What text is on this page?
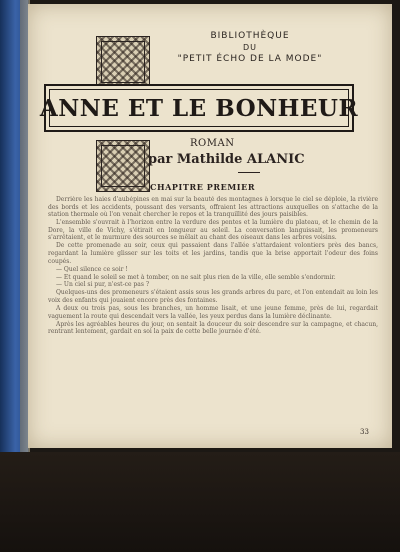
BIBLIOTHÈQUE
DU
"PETIT ÉCHO DE LA MODE"
ANNE ET LE BONHEUR
ROMAN
par Mathilde ALANIC
CHAPITRE PREMIER

Derrière les haies d'aubépines en mai sur la beauté des montagnes à lorsque le ciel se déploie, la rivière des bords et les accidents, poussant des versants, offraient les attractions auxquelles on s'attache de la station thermale où l'on venait chercher le repos et la tranquillité des jours paisibles.

L'ensemble s'ouvrait à l'horizon entre la verdure des pentes et la lumière du plateau, et le chemin de la Dore, la ville de Vichy, s'étirait en longueur au soleil. La conversation languissait, les promeneurs s'arrêtaient, et le murmure des sources se mêlait au chant des oiseaux dans les arbres voisins.

De cette promenade au soir, ceux qui passaient dans l'allée s'attardaient volontiers près des bancs, regardant la lumière glisser sur les toits et les jardins, tandis que la brise apportait l'odeur des foins coupés.

— Quel silence ce soir !

— Et quand le soleil se met à tomber, on ne sait plus rien de la ville, elle semble s'endormir.

— Un ciel si pur, n'est-ce pas ?

Quelques-uns des promeneurs s'étaient assis sous les grands arbres du parc, et l'on entendait au loin les voix des enfants qui jouaient encore près des fontaines.

A deux ou trois pas, sous les branches, un homme lisait, et une jeune femme, près de lui, regardait vaguement la route qui descendait vers la vallée, les yeux perdus dans la lumière déclinante.

Après les agréables heures du jour, on sentait la douceur du soir descendre sur la campagne, et chacun, rentrant lentement, gardait en soi la paix de cette belle journée d'été.

33
